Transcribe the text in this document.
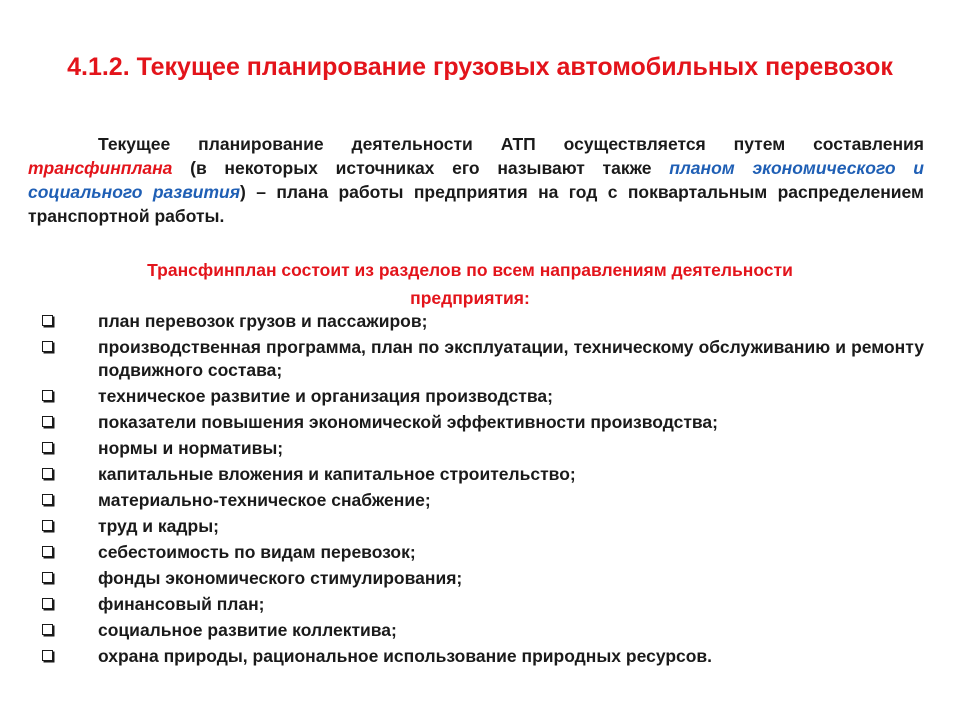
4.1.2. Текущее планирование грузовых автомобильных перевозок
Текущее планирование деятельности АТП осуществляется путем составления трансфинплана (в некоторых источниках его называют также планом экономического и социального развития) – плана работы предприятия на год с поквартальным распределением транспортной работы.
Трансфинплан состоит из разделов по всем направлениям деятельности предприятия:
план перевозок грузов и пассажиров;
производственная программа, план по эксплуатации, техническому обслуживанию и ремонту подвижного состава;
техническое развитие и организация производства;
показатели повышения экономической эффективности производства;
нормы и нормативы;
капитальные вложения и капитальное строительство;
материально-техническое снабжение;
труд и кадры;
себестоимость по видам перевозок;
фонды экономического стимулирования;
финансовый план;
социальное развитие коллектива;
охрана природы, рациональное использование природных ресурсов.
